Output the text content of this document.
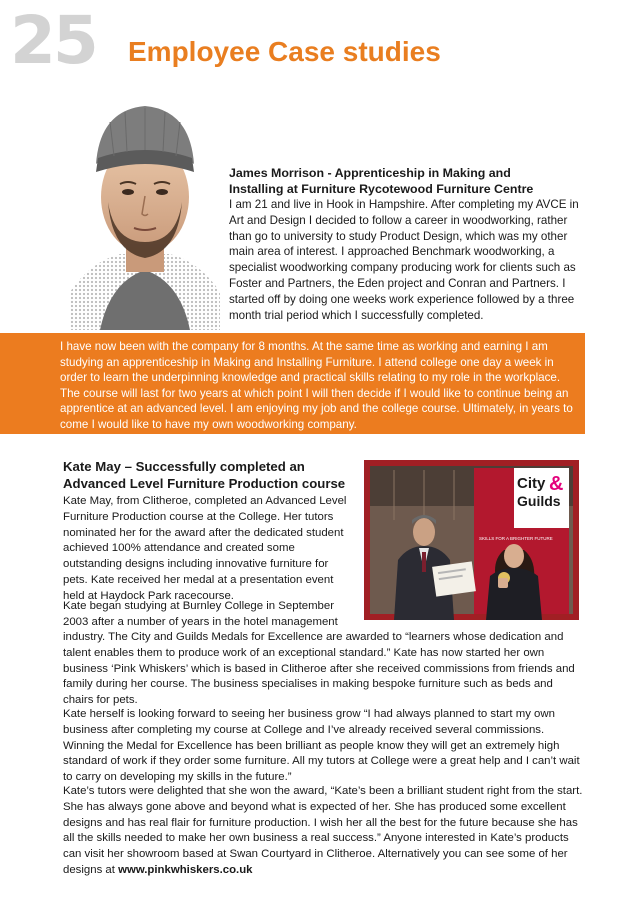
25 Employee Case studies
James Morrison - Apprenticeship in Making and
Installing at Furniture Rycotewood Furniture Centre

I am 21 and live in Hook in Hampshire. After completing my AVCE in Art and Design I decided to follow a career in woodworking, rather than go to university to study Product Design, which was my other main area of interest. I approached Benchmark woodworking, a specialist woodworking company producing work for clients such as Foster and Partners, the Eden project and Conran and Partners. I started off by doing one weeks work experience followed by a three month trial period which I successfully completed.

I have now been with the company for 8 months. At the same time as working and earning I am studying an apprenticeship in Making and Installing Furniture. I attend college one day a week in order to learn the underpinning knowledge and practical skills relating to my role in the workplace. The course will last for two years at which point I will then decide if I would like to continue being an apprentice at an advanced level. I am enjoying my job and the college course. Ultimately, in years to come I would like to have my own woodworking company.

Kate May – Successfully completed an
Advanced Level Furniture Production course

Kate May, from Clitheroe, completed an Advanced Level Furniture Production course at the College. Her tutors nominated her for the award after the dedicated student achieved 100% attendance and created some outstanding designs including innovative furniture for pets. Kate received her medal at a presentation event held at Haydock Park racecourse.

Kate began studying at Burnley College in September 2003 after a number of years in the hotel management

industry. The City and Guilds Medals for Excellence are awarded to “learners whose dedication and talent enables them to produce work of an exceptional standard.” Kate has now started her own business ‘Pink Whiskers’ which is based in Clitheroe after she received commissions from friends and family during her course. The business specialises in making bespoke furniture such as beds and chairs for pets.

Kate herself is looking forward to seeing her business grow “I had always planned to start my own business after completing my course at College and I’ve already received several commissions. Winning the Medal for Excellence has been brilliant as people know they will get an extremely high standard of work if they order some furniture. All my tutors at College were a great help and I can’t wait to carry on developing my skills in the future.”

Kate’s tutors were delighted that she won the award, “Kate’s been a brilliant student right from the start. She has always gone above and beyond what is expected of her. She has produced some excellent designs and has real flair for furniture production. I wish her all the best for the future because she has all the skills needed to make her own business a real success.” Anyone interested in Kate’s products can visit her showroom based at Swan Courtyard in Clitheroe. Alternatively you can see some of her designs at www.pinkwhiskers.co.uk

City &
Guilds
SKILLS FOR A BRIGHTER FUTURE
